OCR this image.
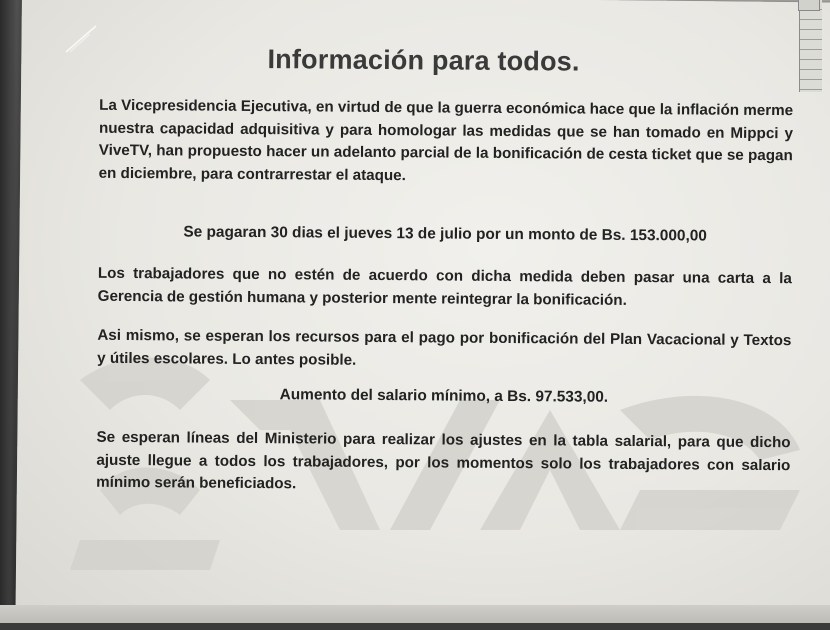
Información para todos.
La Vicepresidencia Ejecutiva, en virtud de que la guerra económica hace que la inflación merme nuestra capacidad adquisitiva y para homologar las medidas que se han tomado en Mippci y ViveTV, han propuesto hacer un adelanto parcial de la bonificación de cesta ticket que se pagan en diciembre, para contrarrestar el ataque.
Se pagaran 30 dias el jueves 13 de julio por un monto de Bs. 153.000,00
Los trabajadores que no estén de acuerdo con dicha medida deben pasar una carta a la Gerencia de gestión humana y posterior mente reintegrar la bonificación.
Asi mismo, se esperan los recursos para el pago por bonificación del Plan Vacacional y Textos y útiles escolares. Lo antes posible.
Aumento del salario mínimo, a Bs. 97.533,00.
Se esperan líneas del Ministerio para realizar los ajustes en la tabla salarial, para que dicho ajuste llegue a todos los trabajadores, por los momentos solo los trabajadores con salario mínimo serán beneficiados.
